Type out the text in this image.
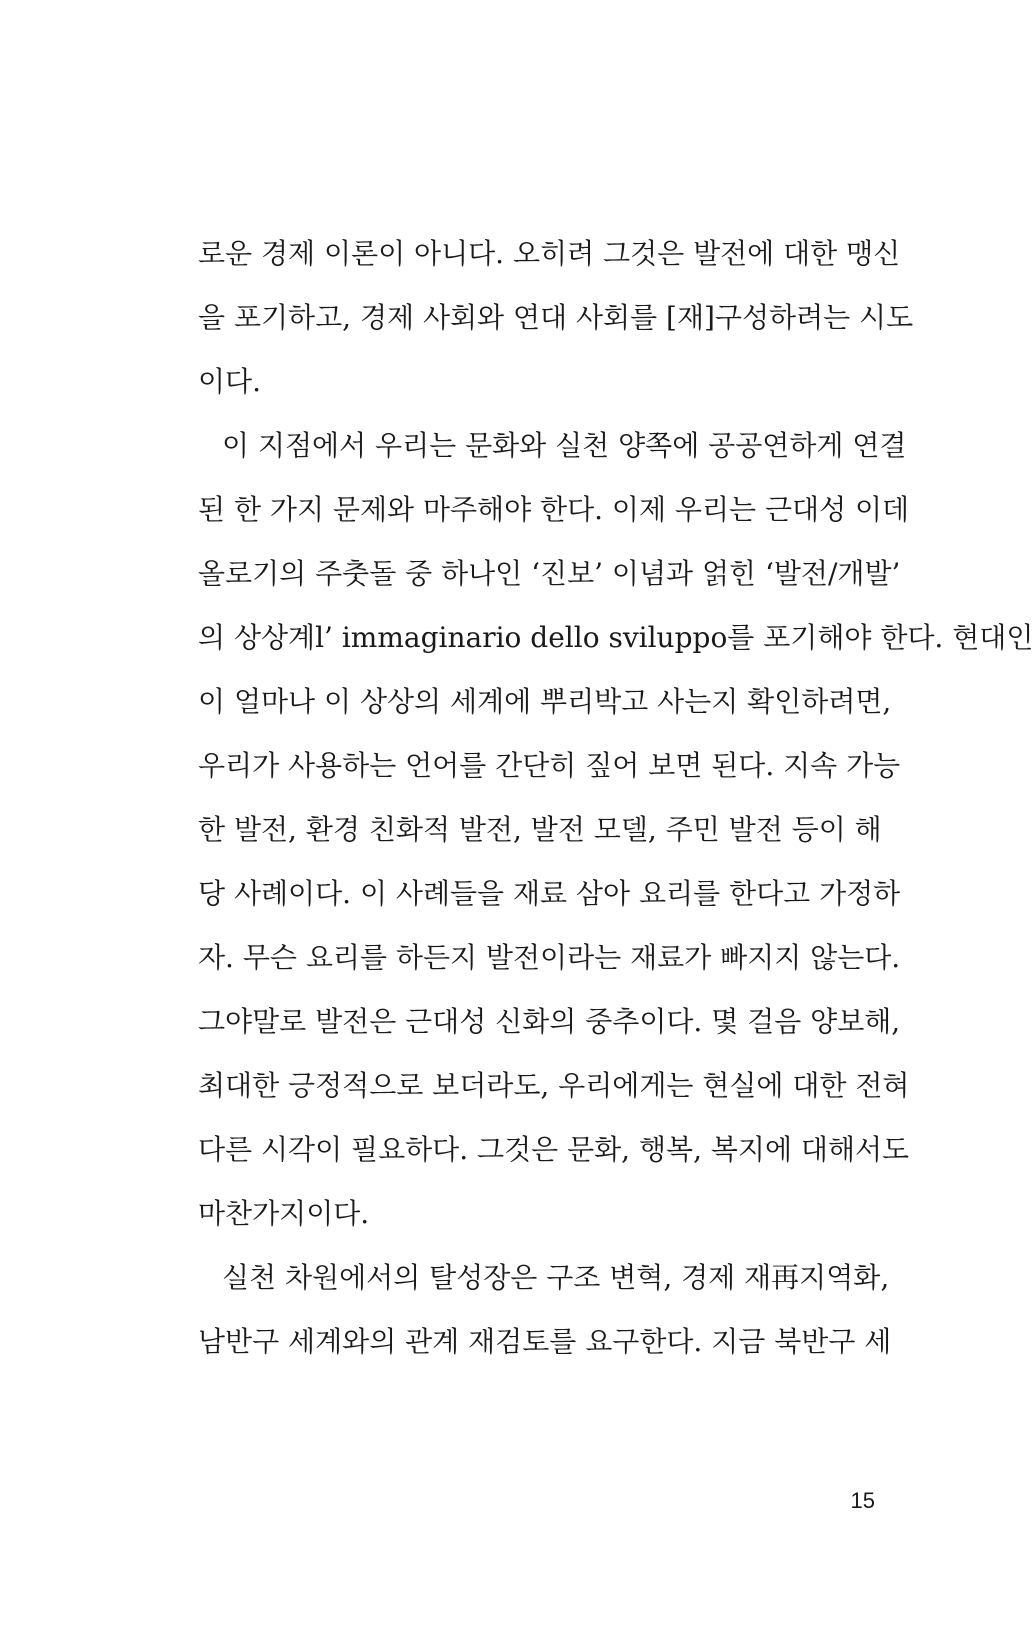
로운 경제 이론이 아니다. 오히려 그것은 발전에 대한 맹신
을 포기하고, 경제 사회와 연대 사회를 [재]구성하려는 시도
이다.
이 지점에서 우리는 문화와 실천 양쪽에 공공연하게 연결
된 한 가지 문제와 마주해야 한다. 이제 우리는 근대성 이데
올로기의 주춧돌 중 하나인 ‘진보’ 이념과 얽힌 ‘발전/개발’
의 상상계l’ immaginario dello sviluppo를 포기해야 한다. 현대인
이 얼마나 이 상상의 세계에 뿌리박고 사는지 확인하려면,
우리가 사용하는 언어를 간단히 짚어 보면 된다. 지속 가능
한 발전, 환경 친화적 발전, 발전 모델, 주민 발전 등이 해
당 사례이다. 이 사례들을 재료 삼아 요리를 한다고 가정하
자. 무슨 요리를 하든지 발전이라는 재료가 빠지지 않는다.
그야말로 발전은 근대성 신화의 중추이다. 몇 걸음 양보해,
최대한 긍정적으로 보더라도, 우리에게는 현실에 대한 전혀
다른 시각이 필요하다. 그것은 문화, 행복, 복지에 대해서도
마찬가지이다.
실천 차원에서의 탈성장은 구조 변혁, 경제 재再지역화,
남반구 세계와의 관계 재검토를 요구한다. 지금 북반구 세
15
